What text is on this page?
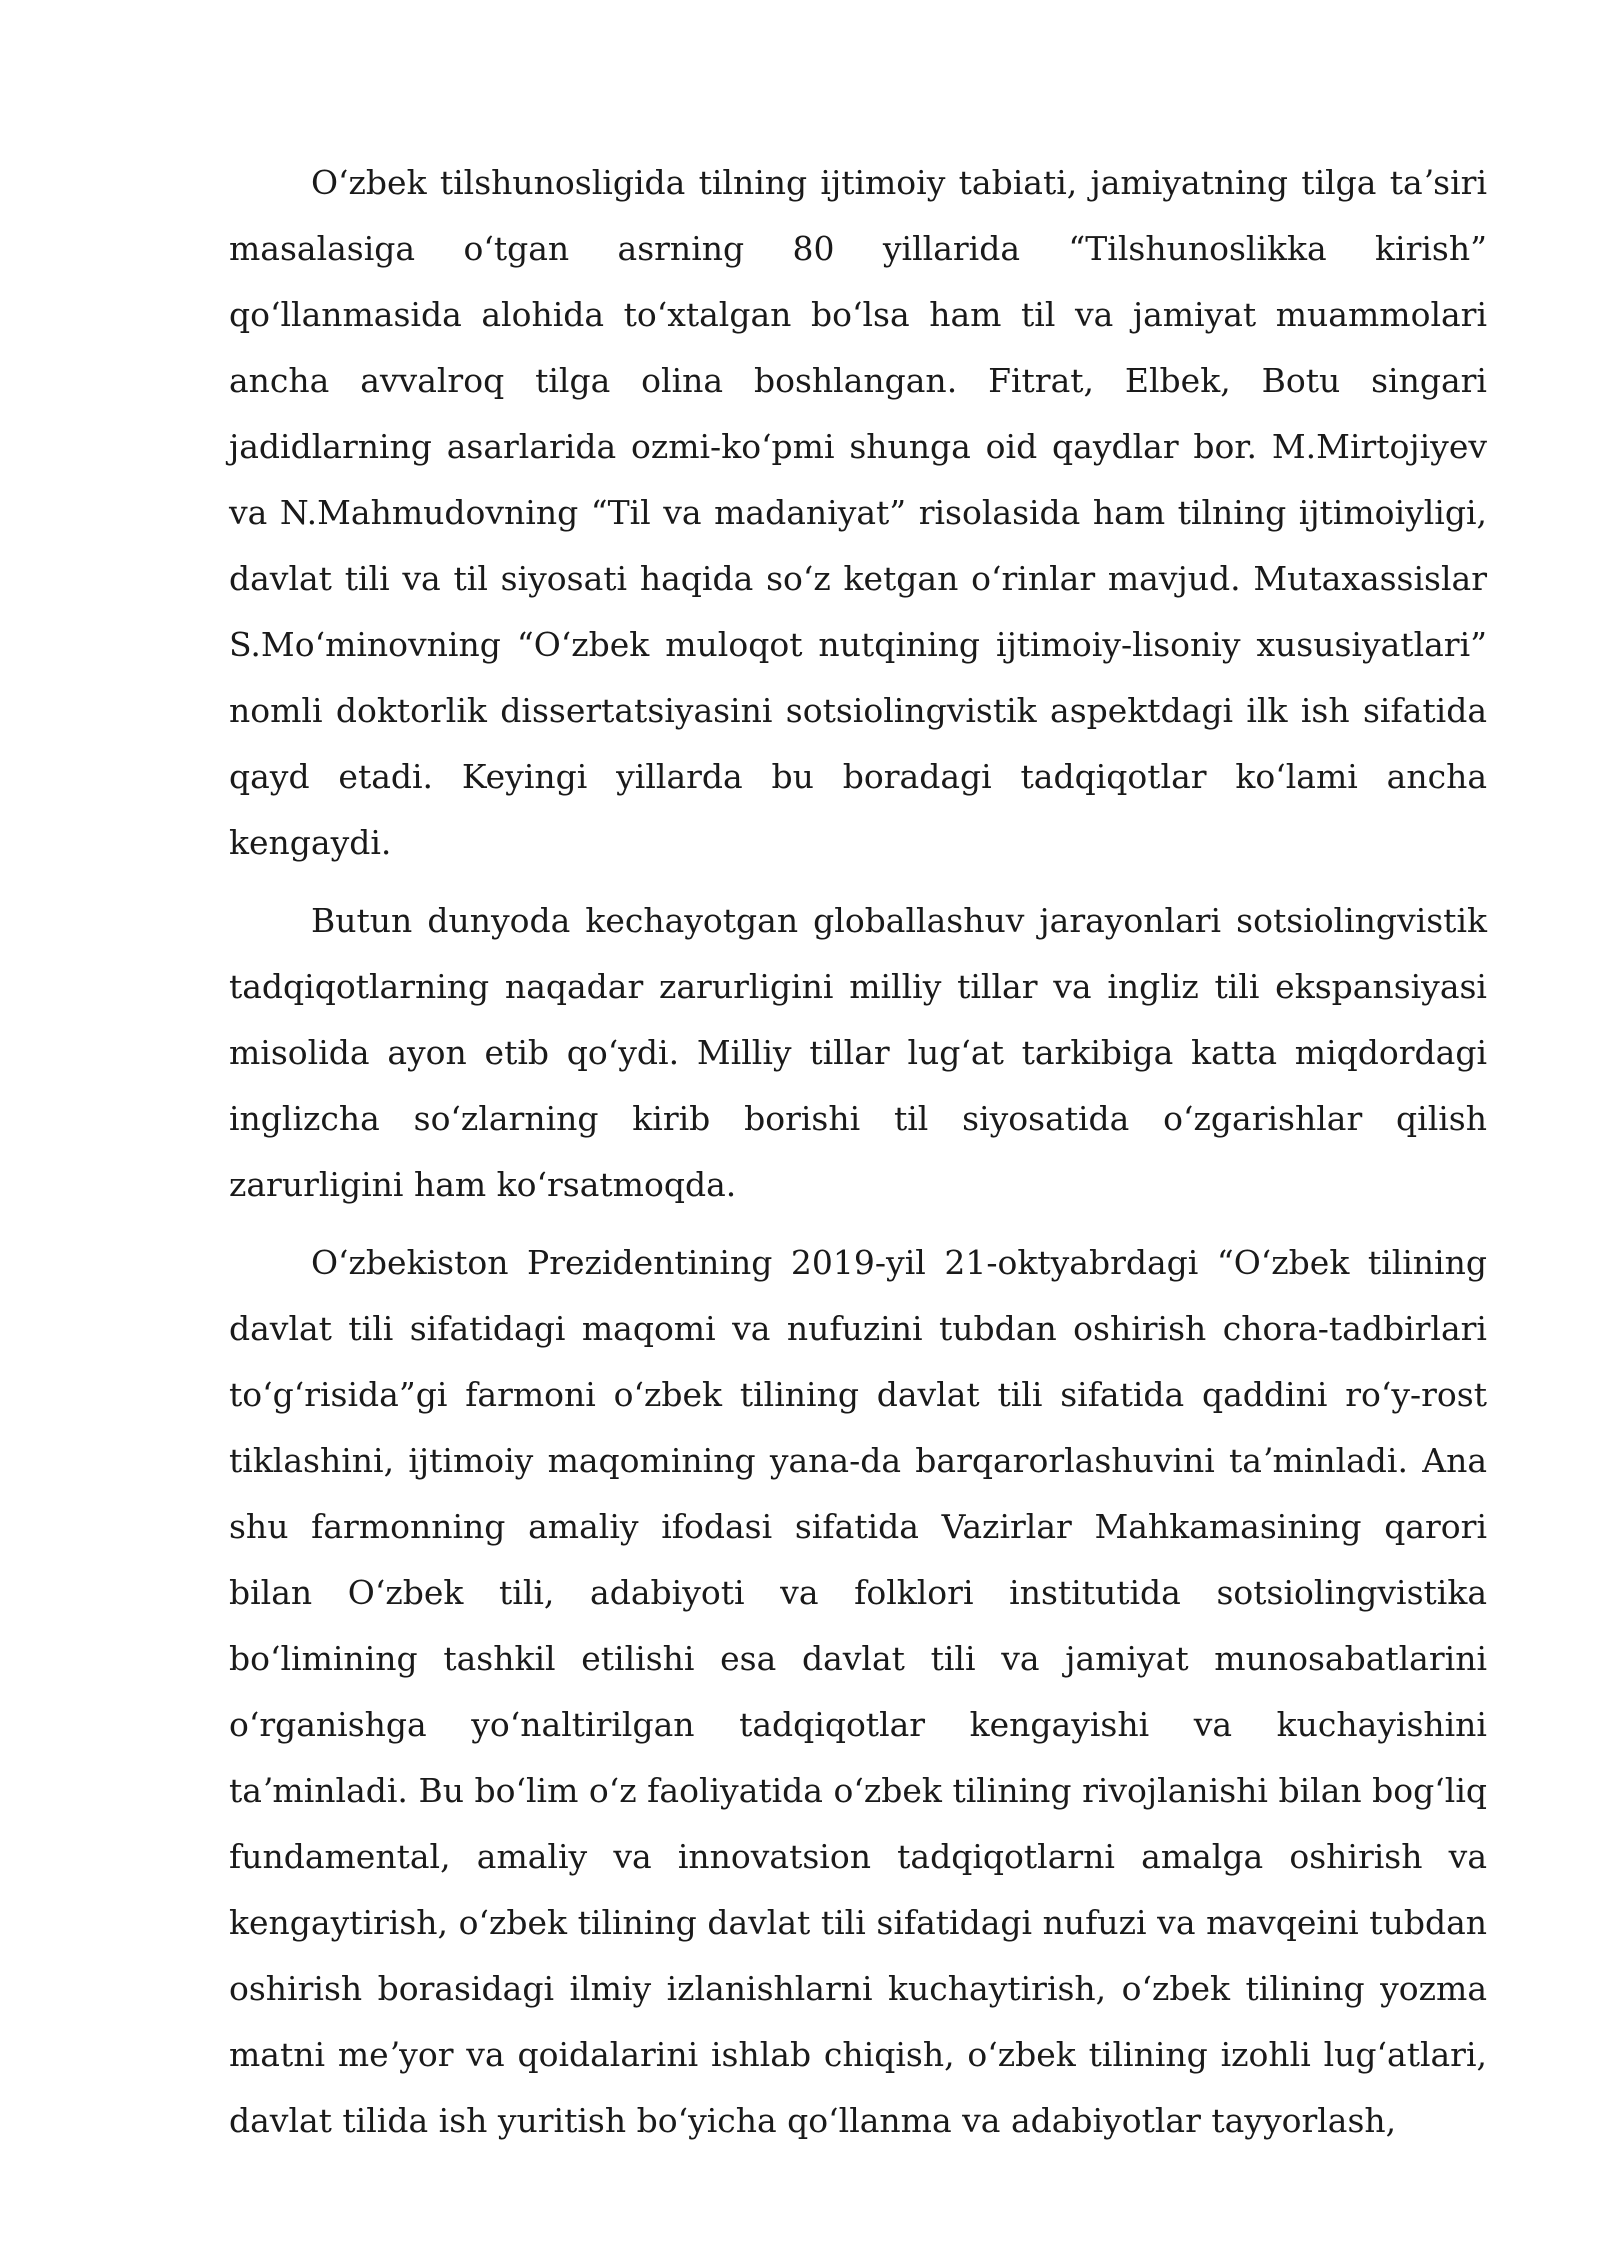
Oʻzbek tilshunosligida tilning ijtimoiy tabiati, jamiyatning tilga taʼsiri masalasiga oʻtgan asrning 80 yillarida “Tilshunoslikka kirish” qoʻllanmasida alohida toʻxtalgan boʻlsa ham til va jamiyat muammolari ancha avvalroq tilga olina boshlangan. Fitrat, Elbek, Botu singari jadidlarning asarlarida ozmi-koʻpmi shunga oid qaydlar bor. M.Mirtojiyev va N.Mahmudovning “Til va madaniyat” risolasida ham tilning ijtimoiyligi, davlat tili va til siyosati haqida soʻz ketgan oʻrinlar mavjud. Mutaxassislar S.Moʻminovning “Oʻzbek muloqot nutqining ijtimoiy-lisoniy xususiyatlari” nomli doktorlik dissertatsiyasini sotsiolingvistik aspektdagi ilk ish sifatida qayd etadi. Keyingi yillarda bu boradagi tadqiqotlar koʻlami ancha kengaydi.

Butun dunyoda kechayotgan globallashuv jarayonlari sotsiolingvistik tadqiqotlarning naqadar zarurligini milliy tillar va ingliz tili ekspansiyasi misolida ayon etib qoʻydi. Milliy tillar lugʻat tarkibiga katta miqdordagi inglizcha soʻzlarning kirib borishi til siyosatida oʻzgarishlar qilish zarurligini ham koʻrsatmoqda.

Oʻzbekiston Prezidentining 2019-yil 21-oktyabrdagi “Oʻzbek tilining davlat tili sifatidagi maqomi va nufuzini tubdan oshirish chora-tadbirlari toʻgʻrisida”gi farmoni oʻzbek tilining davlat tili sifatida qaddini roʻy-rost tiklashini, ijtimoiy maqomining yana-da barqarorlashuvini taʼminladi. Ana shu farmonning amaliy ifodasi sifatida Vazirlar Mahkamasining qarori bilan Oʻzbek tili, adabiyoti va folklori institutida sotsiolingvistika boʻlimining tashkil etilishi esa davlat tili va jamiyat munosabatlarini oʻrganishga yoʻnaltirilgan tadqiqotlar kengayishi va kuchayishini taʼminladi. Bu boʻlim oʻz faoliyatida oʻzbek tilining rivojlanishi bilan bogʻliq fundamental, amaliy va innovatsion tadqiqotlarni amalga oshirish va kengaytirish, oʻzbek tilining davlat tili sifatidagi nufuzi va mavqeini tubdan oshirish borasidagi ilmiy izlanishlarni kuchaytirish, oʻzbek tilining yozma matni meʼyor va qoidalarini ishlab chiqish, oʻzbek tilining izohli lugʻatlari, davlat tilida ish yuritish boʻyicha qoʻllanma va adabiyotlar tayyorlash,
